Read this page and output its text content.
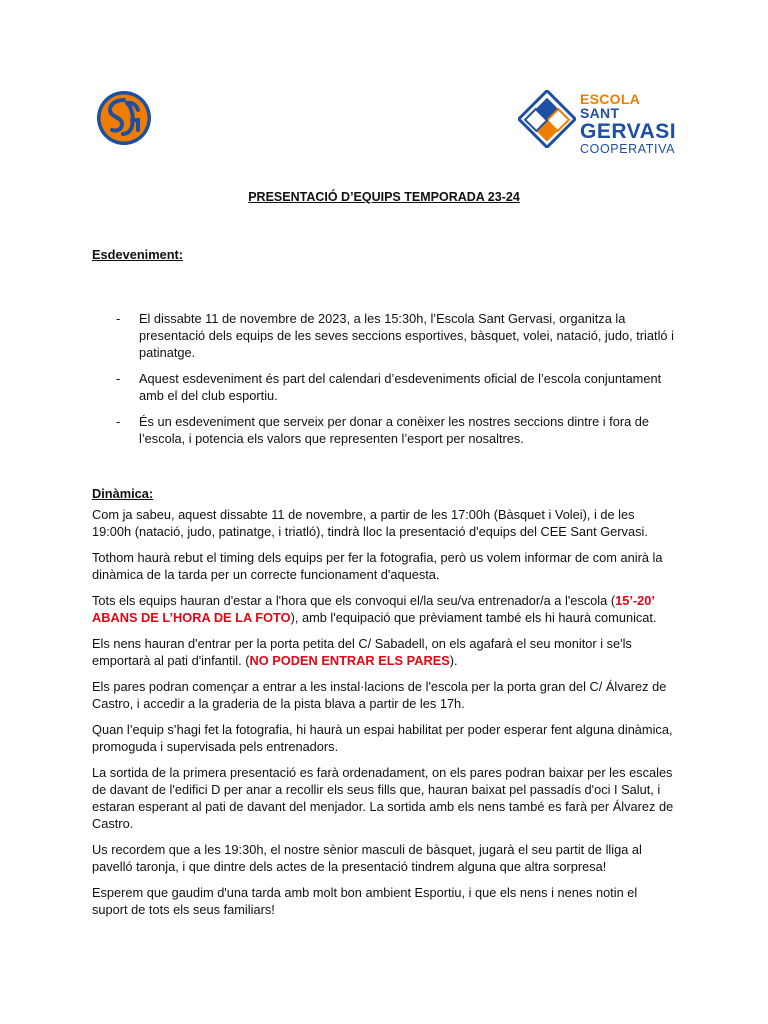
ESCOLA SANT
GERVASI
COOPERATIVA
PRESENTACIÓ D’EQUIPS TEMPORADA 23-24

Esdeveniment:

- El dissabte 11 de novembre de 2023, a les 15:30h, l’Escola Sant Gervasi, organitza la presentació dels equips de les seves seccions esportives, bàsquet, volei, natació, judo, triatló i patinatge.
- Aquest esdeveniment és part del calendari d’esdeveniments oficial de l’escola conjuntament amb el del club esportiu.
- És un esdeveniment que serveix per donar a conèixer les nostres seccions dintre i fora de l’escola, i potencia els valors que representen l’esport per nosaltres.

Dinàmica:

Com ja sabeu, aquest dissabte 11 de novembre, a partir de les 17:00h (Bàsquet i Volei), i de les 19:00h (natació, judo, patinatge, i triatló), tindrà lloc la presentació d'equips del CEE Sant Gervasi.

Tothom haurà rebut el timing dels equips per fer la fotografia, però us volem informar de com anirà la dinàmica de la tarda per un correcte funcionament d'aquesta.

Tots els equips hauran d'estar a l'hora que els convoqui el/la seu/va entrenador/a a l'escola (15’-20’ ABANS DE L’HORA DE LA FOTO), amb l'equipació que prèviament també els hi haurà comunicat.

Els nens hauran d'entrar per la porta petita del C/ Sabadell, on els agafarà el seu monitor i se'ls emportarà al pati d'infantil. (NO PODEN ENTRAR ELS PARES).

Els pares podran començar a entrar a les instal·lacions de l'escola per la porta gran del C/ Álvarez de Castro, i accedir a la graderia de la pista blava a partir de les 17h.

Quan l’equip s’hagi fet la fotografia, hi haurà un espai habilitat per poder esperar fent alguna dinàmica, promoguda i supervisada pels entrenadors.

La sortida de la primera presentació es farà ordenadament, on els pares podran baixar per les escales de davant de l'edifici D per anar a recollir els seus fills que, hauran baixat pel passadís d'oci I Salut, i estaran esperant al pati de davant del menjador. La sortida amb els nens també es farà per Álvarez de Castro.

Us recordem que a les 19:30h, el nostre sènior masculi de bàsquet, jugarà el seu partit de lliga al pavelló taronja, i que dintre dels actes de la presentació tindrem alguna que altra sorpresa!

Esperem que gaudim d'una tarda amb molt bon ambient Esportiu, i que els nens i nenes notin el suport de tots els seus familiars!
